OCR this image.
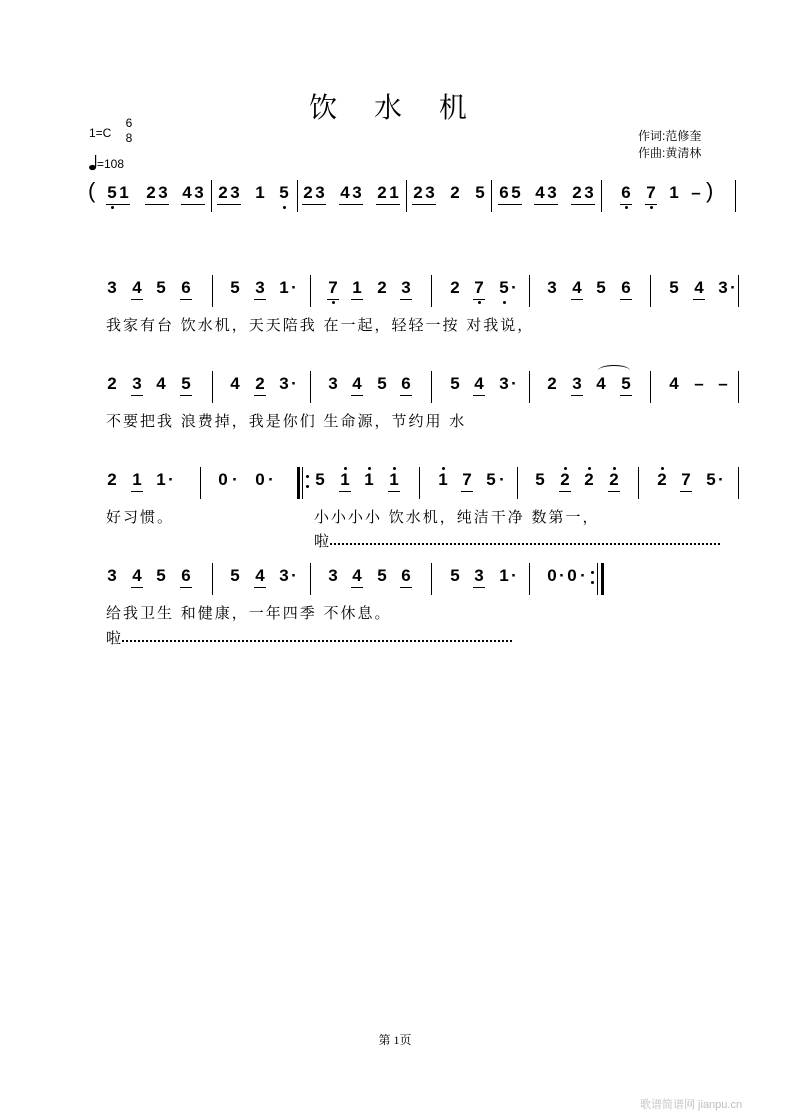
饮 水 机
1=C
6
8
=108
作词:范修奎
作曲:黄清林
( 5 1 2 3 4 3 2 3 1 5 2 3 4 3 2 1 2 3 2 5 6 5 4 3 2 3 6 7 1 – )
3 4 5 6 5 3 1 · 7 1 2 3 2 7 5 · 3 4 5 6 5 4 3 ·
我家有台 饮水机，天天陪我 在一起，轻轻一按 对我说，
2 3 4 5 4 2 3 · 3 4 5 6 5 4 3 · 2 3 4 5 4 – –
不要把我 浪费掉，我是你们 生命源，节约用 水
2 1 1 ·	0 · 0 · 5 1 1 1 1 7 5 · 5 2 2 2 2 7 5 ·
好习惯。	小小小小 饮水机，纯洁干净 数第一，
啦
3 4 5 6 5 4 3 · 3 4 5 6 5 3 1 · 0 · 0 ·
给我卫生 和健康，一年四季 不休息。
啦
第 1页
歌谱简谱网 jianpu.cn
